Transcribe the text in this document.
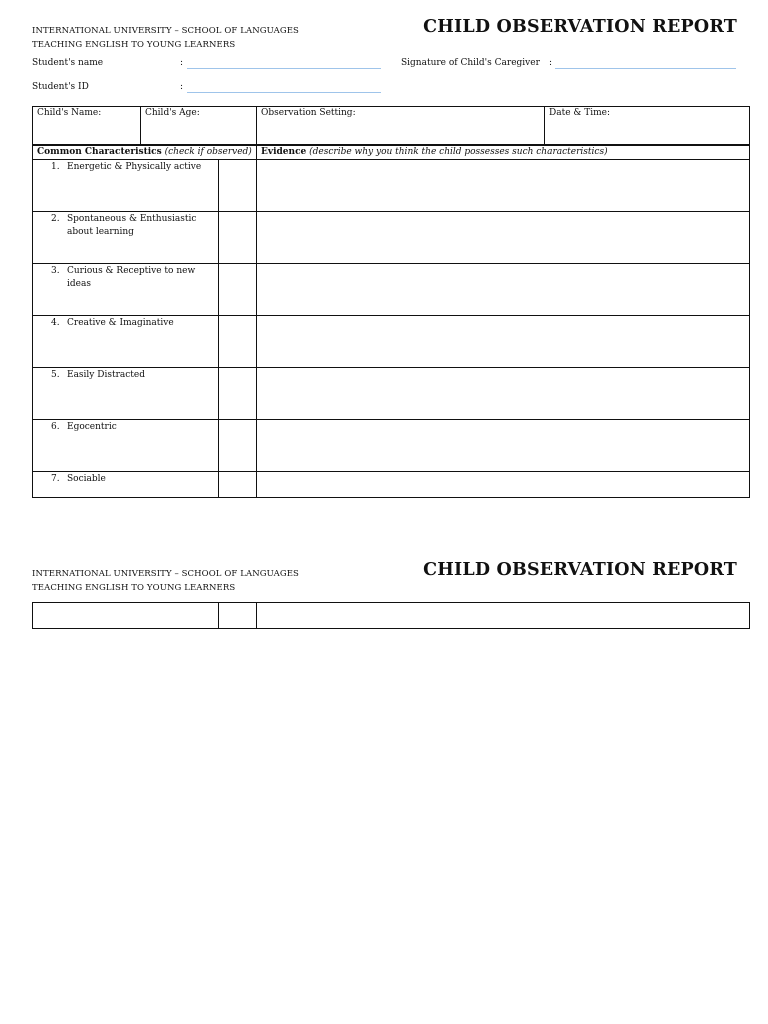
INTERNATIONAL UNIVERSITY – SCHOOL OF LANGUAGES
TEACHING ENGLISH TO YOUNG LEARNERS
CHILD OBSERVATION REPORT
Student's name	:	Signature of Child's Caregiver :
Student's ID	:
Child's Name:	Child's Age:	Observation Setting:	Date & Time:
Common Characteristics (check if observed)		Evidence (describe why you think the child possesses such characteristics)

1. Energetic & Physically active		

2. Spontaneous & Enthusiastic about learning		

3. Curious & Receptive to new ideas		

4. Creative & Imaginative		

5. Easily Distracted		

6. Egocentric		

7. Sociable		

INTERNATIONAL UNIVERSITY – SCHOOL OF LANGUAGES
TEACHING ENGLISH TO YOUNG LEARNERS
CHILD OBSERVATION REPORT
